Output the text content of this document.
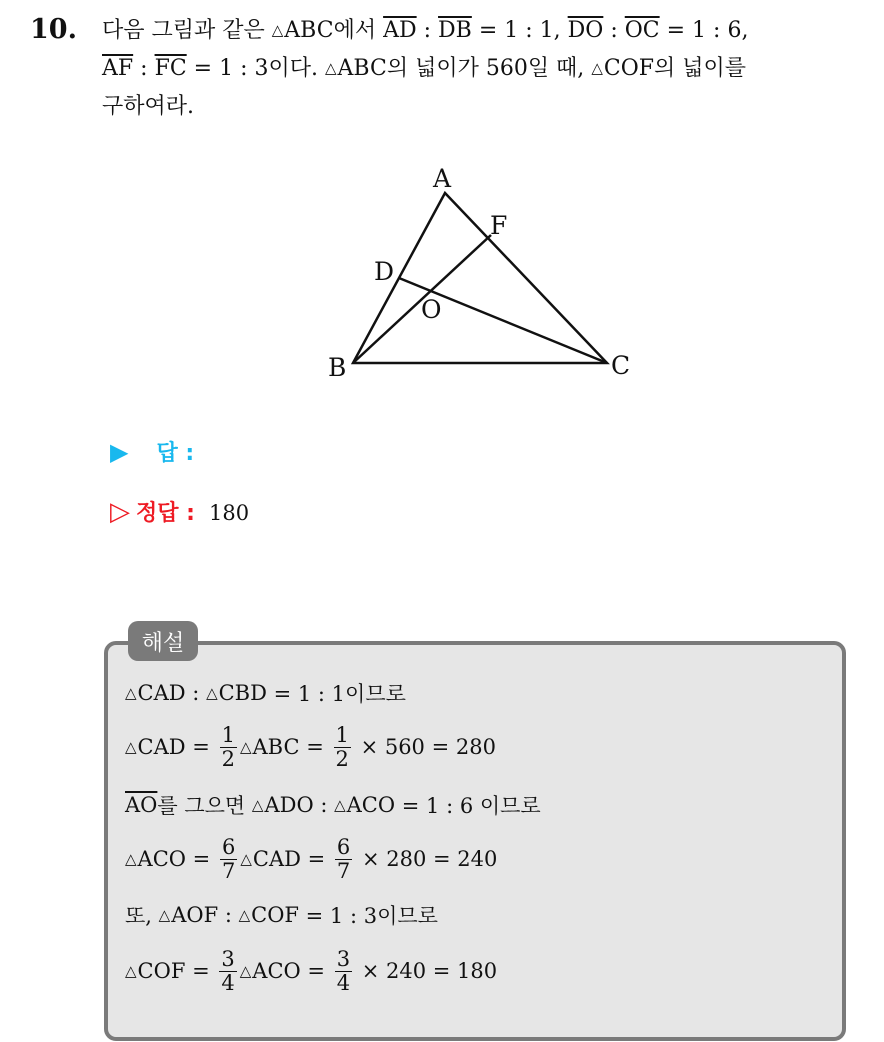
10. 다음 그림과 같은 △ABC에서 $\overline{AD}$ : $\overline{DB} = 1$ : 1, $\overline{DO}$ : $\overline{OC} = 1$ : 6,
$\overline{AF}$ : $\overline{FC} = 1$ : 3이다. △ABC의 넓이가 560일 때, △COF의 넓이를
구하여라.
A
B	C
D
F
O
▶ 답 :
▷ 정답 : 180
해설
△ CAD : △ CBD = 1 : 1이므로
△ CAD = $\frac{1}{2}$ △ ABC = $\frac{1}{2} \times 560 = 280$
$\overline{AO}$ 를 그으면 △ ADO : △ ACO = 1 : 6 이므로
△ ACO = $\frac{6}{7}$ △ CAD = $\frac{6}{7} \times 280 = 240$
또, △ AOF : △ COF = 1 : 3이므로
△ COF = $\frac{3}{4}$ △ ACO = $\frac{3}{4} \times 240 = 180$
